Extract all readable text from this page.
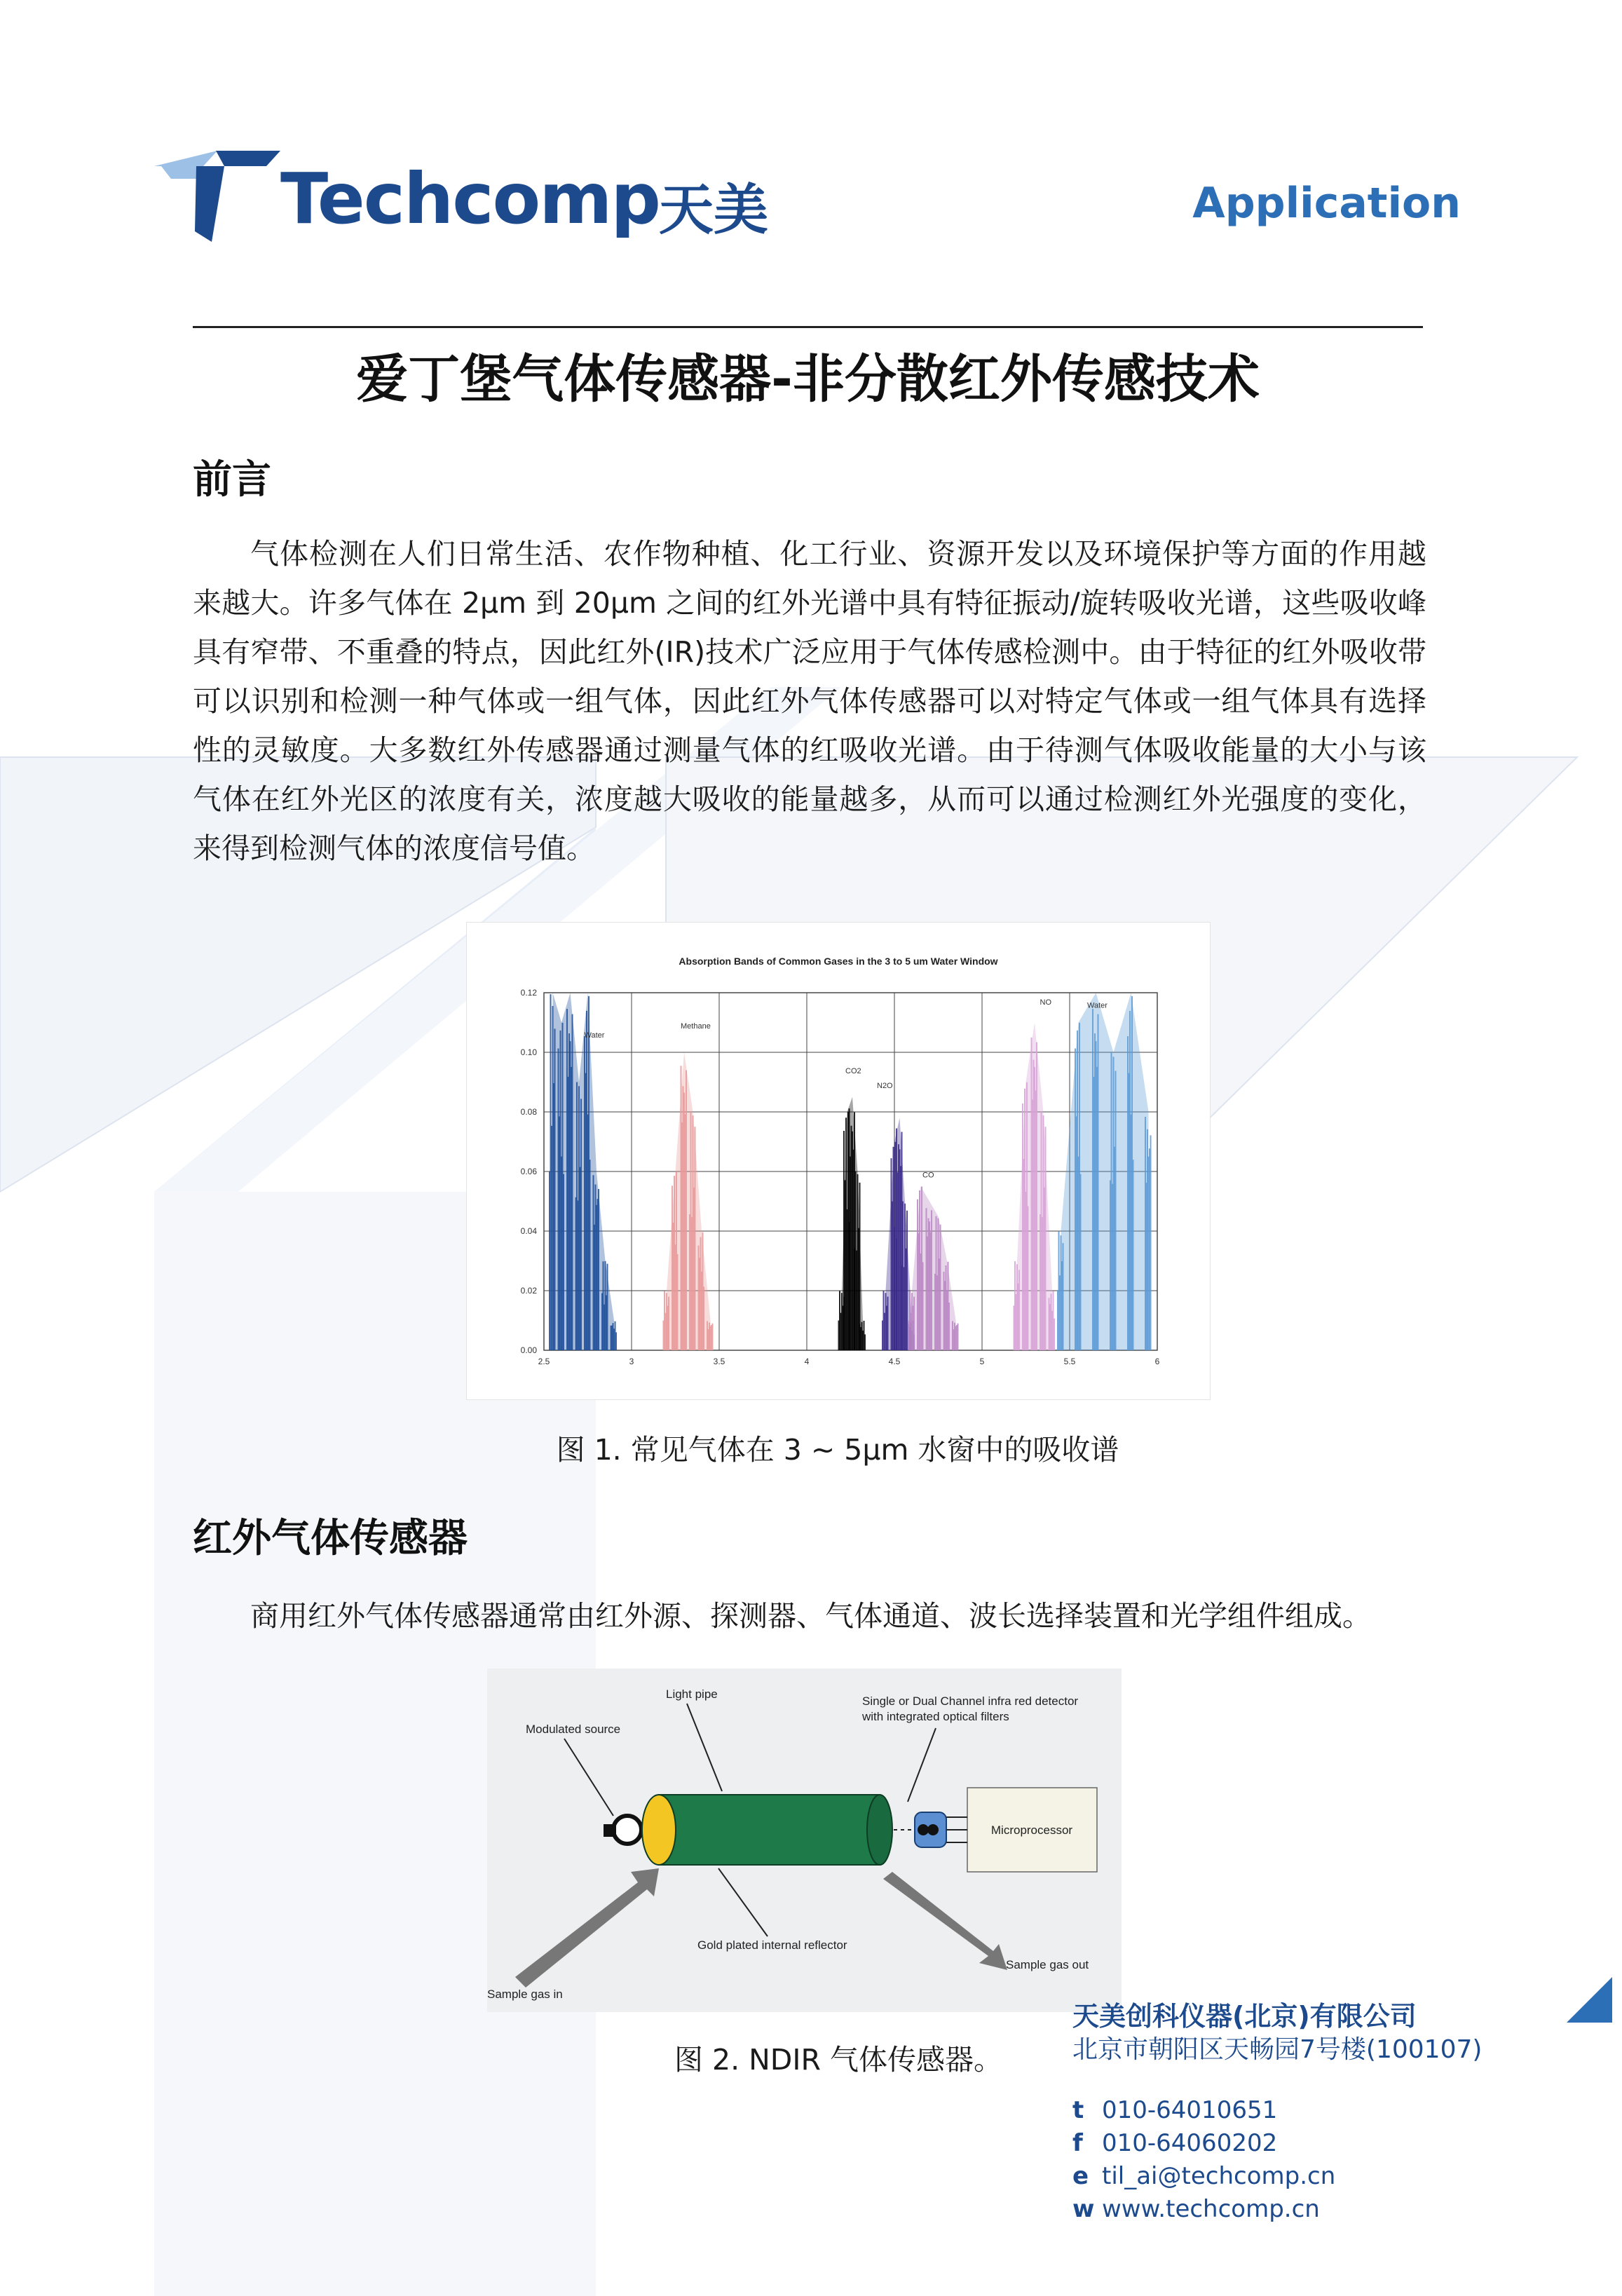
Techcomp 天美	Application
爱丁堡气体传感器-非分散红外传感技术
前言
气体检测在人们日常生活、农作物种植、化工行业、资源开发以及环境保护等方面的作用越来越大。许多气体在 2μm 到 20μm 之间的红外光谱中具有特征振动/旋转吸收光谱，这些吸收峰具有窄带、不重叠的特点，因此红外(IR)技术广泛应用于气体传感检测中。由于特征的红外吸收带可以识别和检测一种气体或一组气体，因此红外气体传感器可以对特定气体或一组气体具有选择性的灵敏度。大多数红外传感器通过测量气体的红吸收光谱。由于待测气体吸收能量的大小与该气体在红外光区的浓度有关，浓度越大吸收的能量越多，从而可以通过检测红外光强度的变化，来得到检测气体的浓度信号值。
Absorption Bands of Common Gases in the 3 to 5 um Water Window
2.5	3	3.5	4	4.5	5	5.5	6
0.00
0.02
0.04
0.06
0.08
0.10
0.12
Water
Methane
CO2
N2O
CO
NO	Water
图 1. 常见气体在 3 ~ 5μm 水窗中的吸收谱
红外气体传感器
商用红外气体传感器通常由红外源、探测器、气体通道、波长选择装置和光学组件组成。
Light pipe
Modulated source
Single or Dual Channel infra red detector
with integrated optical filters
Gold plated internal reflector
Sample gas out
Sample gas in
Microprocessor
图 2. NDIR 气体传感器。
天美创科仪器(北京)有限公司
北京市朝阳区天畅园7号楼(100107)
t 010-64010651
f 010-64060202
e til_ai@techcomp.cn
w www.techcomp.cn
